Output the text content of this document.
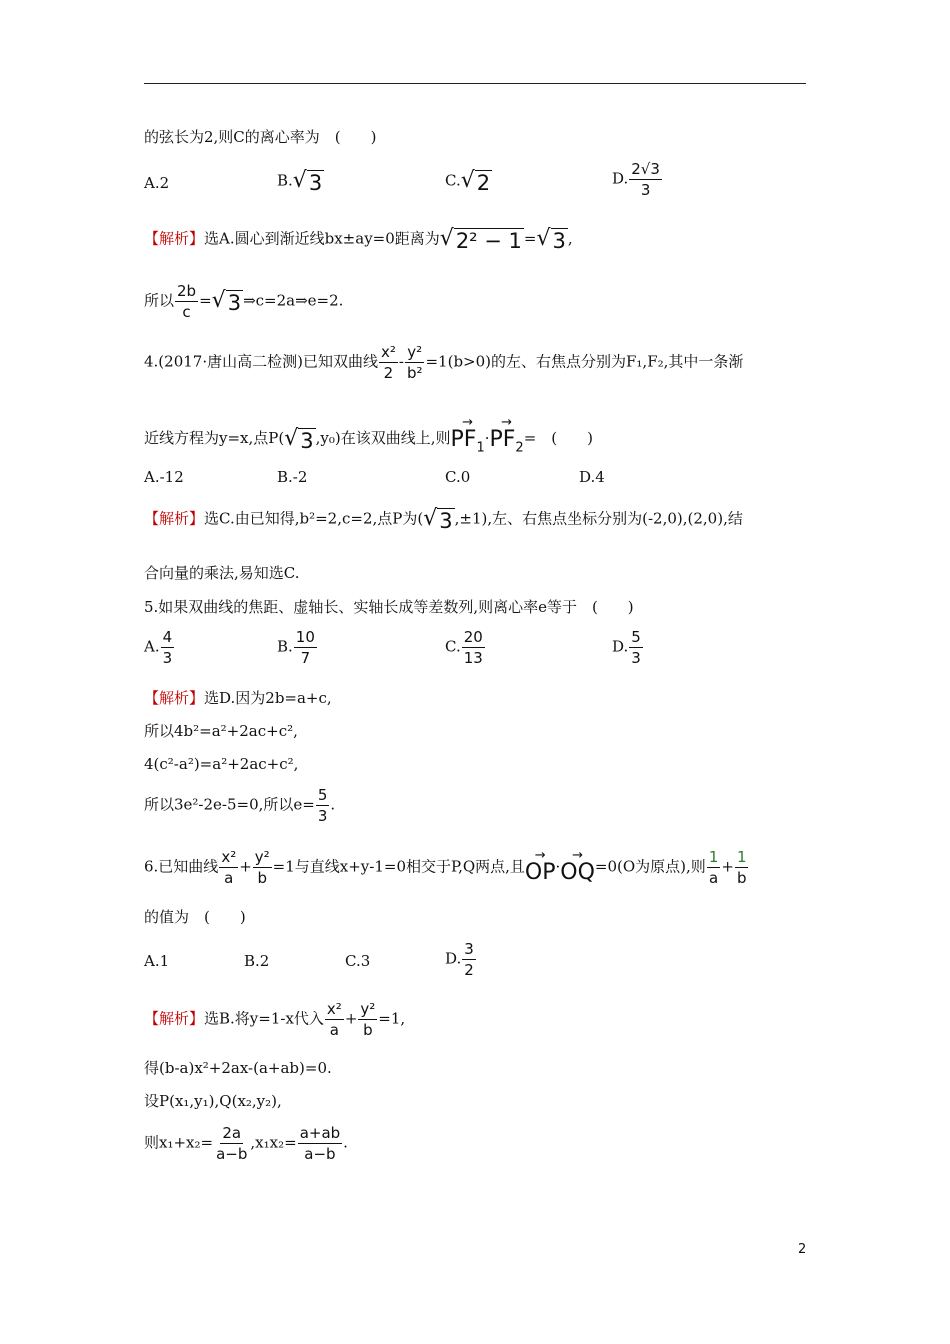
的弦长为2,则C的离心率为　(　　)
A.2	B. √ 3	C. √ 2	D. $\frac{2√3}{3}$
【解析】选A.圆心到渐近线bx±ay=0距离为 √ 2² − 1 = √ 3 ,
所以 $\frac{2b}{c}$ = √ 3 ⇒c=2a⇒e=2.
4.(2017·唐山高二检测)已知双曲线 $\frac{\text{x²}}{2} - \frac{\text{y²}}{\text{b²}} =1(b>0)$的左、右焦点分别为F₁,F₂,其中一条渐
近线方程为y=x,点P( √ 3 ,y₀)在该双曲线上,则
→
$PF_1$
·
→
$PF_2$
=　(　　)
A.-12	B.-2	C.0	D.4
【解析】选C.由已知得,b²=2,c=2,点P为( √ 3 ,±1),左、右焦点坐标分别为(-2,0),(2,0),结
合向量的乘法,易知选C.
5.如果双曲线的焦距、虚轴长、实轴长成等差数列,则离心率e等于　(　　)
A. $\frac{4}{3}$	B. $\frac{10}{7}$	C. $\frac{20}{13}$	D. $\frac{5}{3}$
【解析】选D.因为2b=a+c,
所以4b²=a²+2ac+c²,
4(c²-a²)=a²+2ac+c²,
所以3e²-2e-5=0,所以$e= \frac{5}{3}$ .
6.已知曲线 $\frac{\text{x²}}{a} + \frac{\text{y²}}{b} =1$与直线x+y-1=0相交于P,Q两点,且
→
OP ·
→
OQ =0(O为原点),则 $\frac{1}{a} + \frac{1}{b}$
的值为　(　　)
A.1	B.2	C.3	D. $\frac{3}{2}$
【解析】选B.将y=1-x代入 $\frac{\text{x²}}{a} + \frac{\text{y²}}{b} =1$,
得(b-a)x²+2ax-(a+ab)=0.
设P(x₁,y₁),Q(x₂,y₂),
则$x_1+x_2= \frac{2a}{a-b} ,x_1x_2= \frac{a+ab}{a-b}$ .
2
